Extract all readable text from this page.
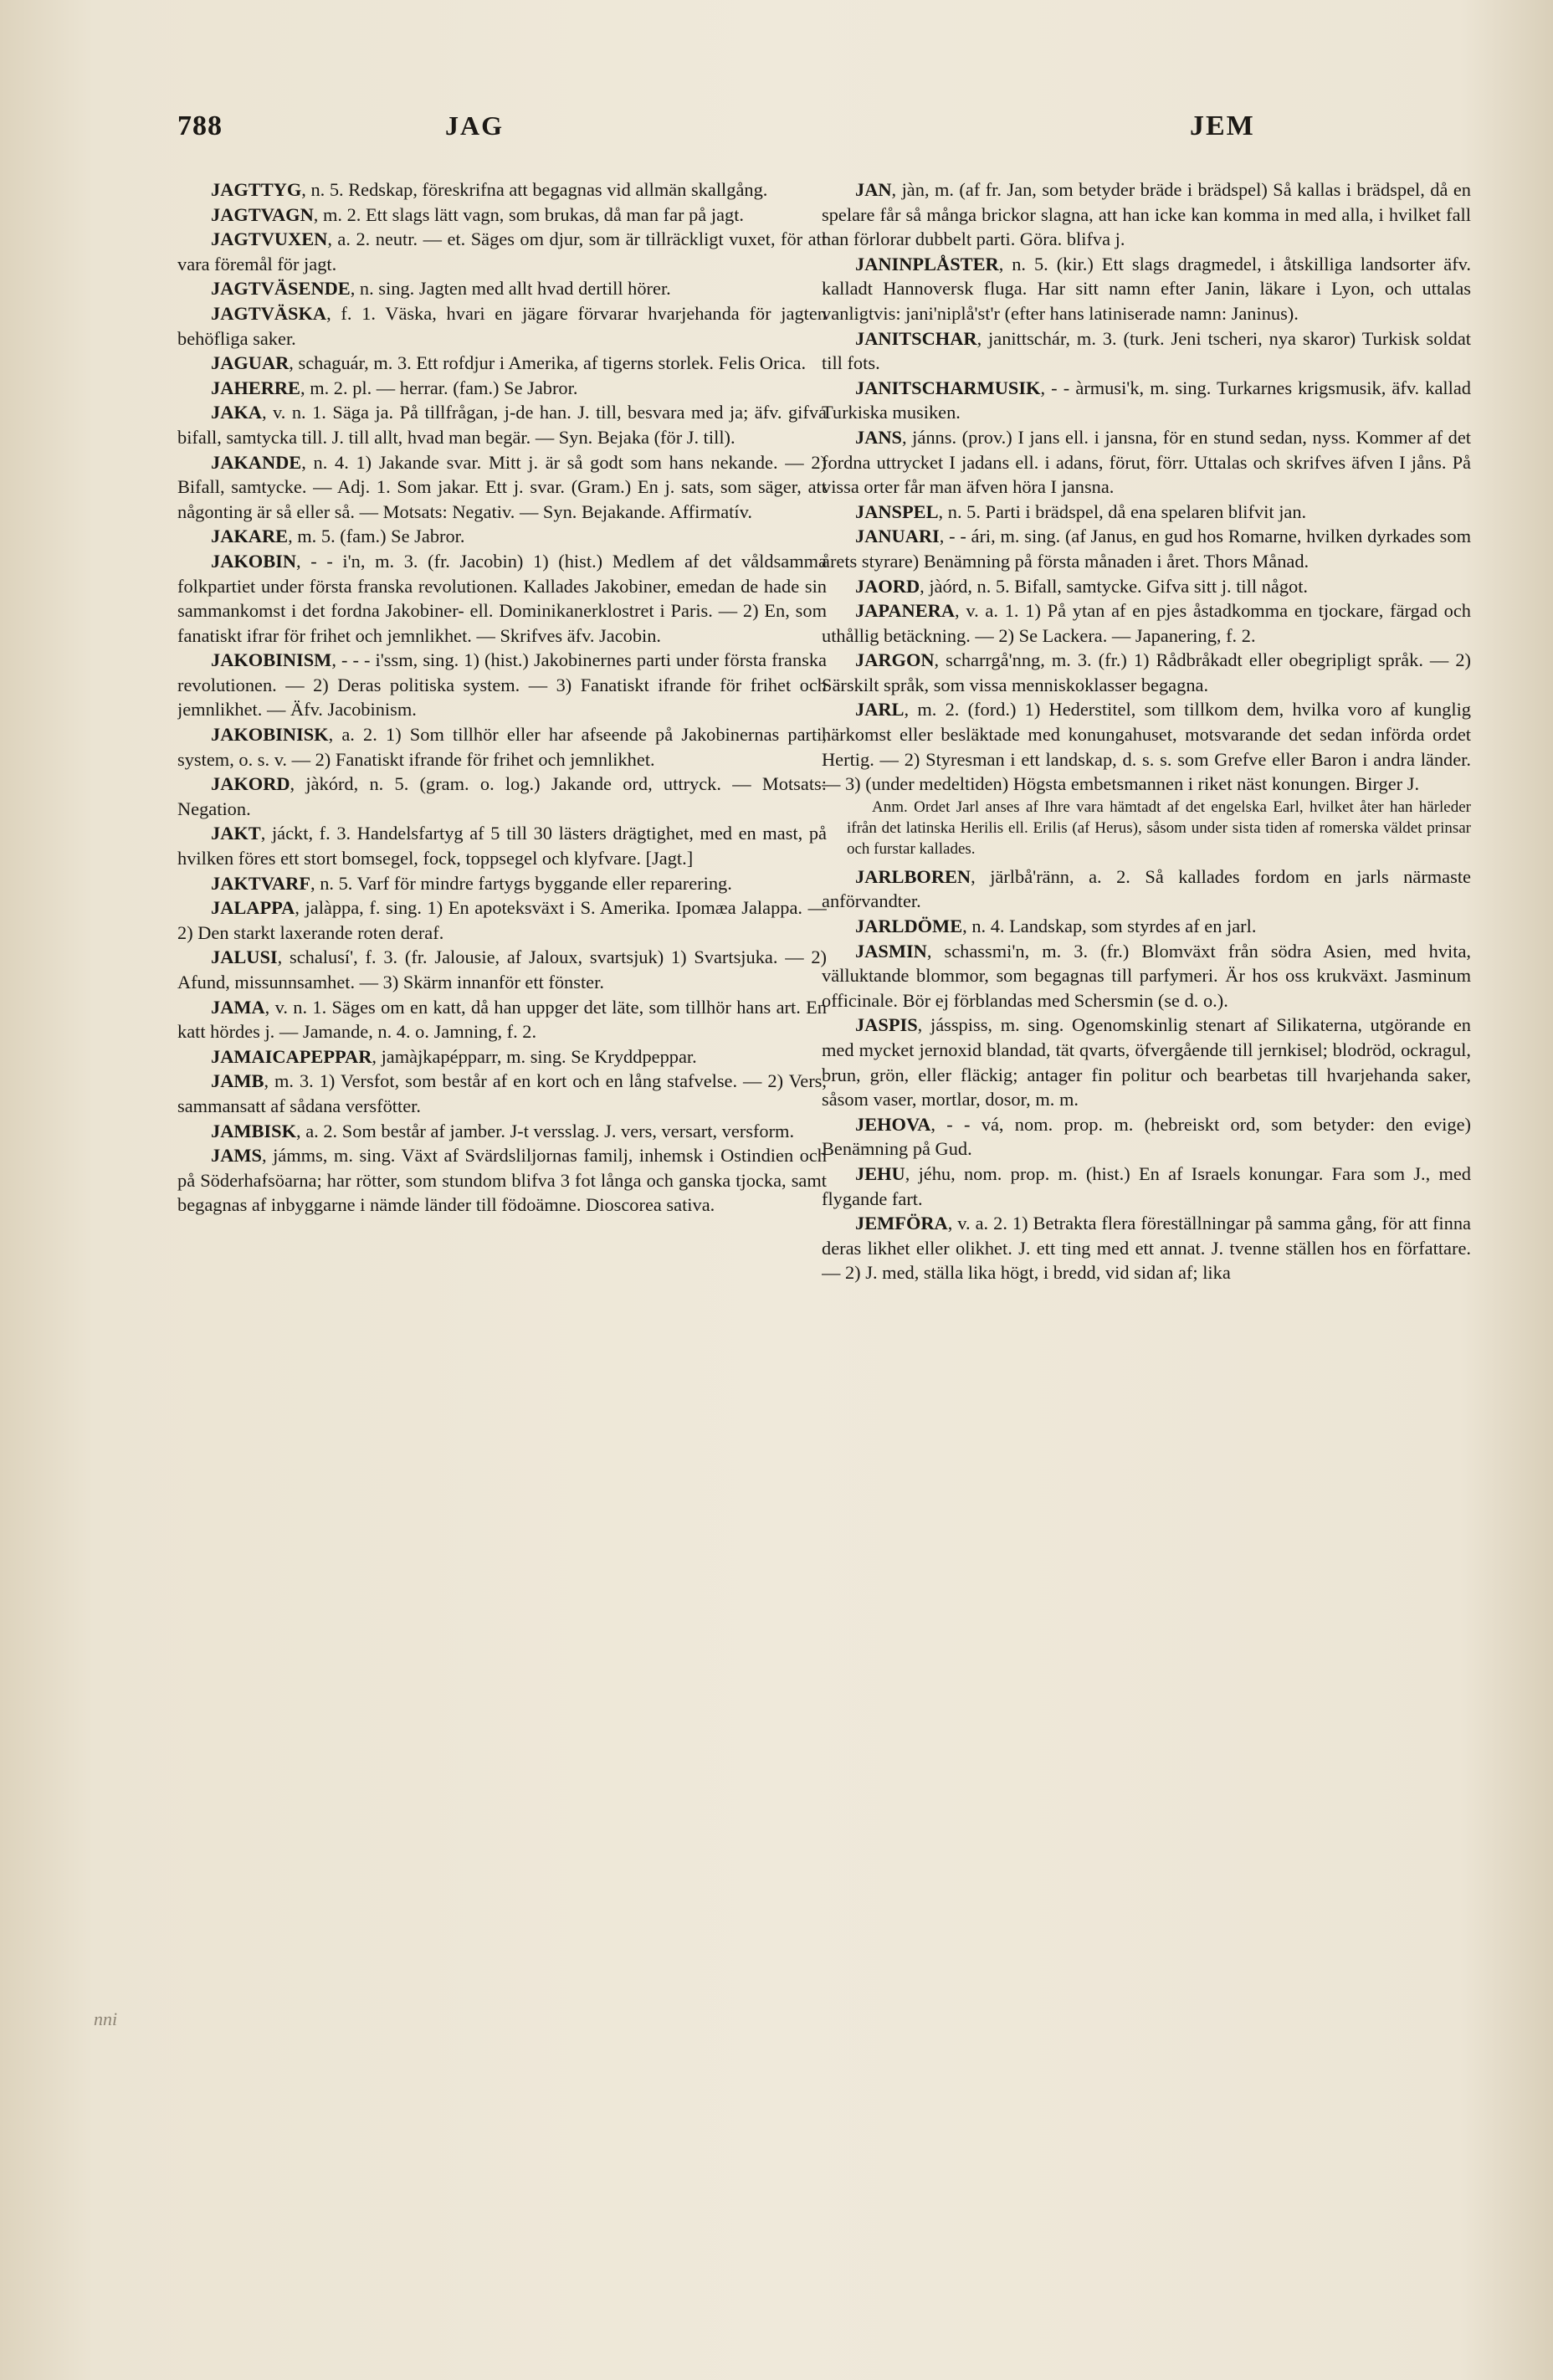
788	JAG	JEM
nni

JAGTTYG, n. 5. Redskap, föreskrifna att begagnas vid allmän skallgång.

JAGTVAGN, m. 2. Ett slags lätt vagn, som brukas, då man far på jagt.

JAGTVUXEN, a. 2. neutr. — et. Säges om djur, som är tillräckligt vuxet, för att vara föremål för jagt.

JAGTVÄSENDE, n. sing. Jagten med allt hvad dertill hörer.

JAGTVÄSKA, f. 1. Väska, hvari en jägare förvarar hvarjehanda för jagten behöfliga saker.

JAGUAR, schaguár, m. 3. Ett rofdjur i Amerika, af tigerns storlek. Felis Orica.

JAHERRE, m. 2. pl. — herrar. (fam.) Se Jabror.

JAKA, v. n. 1. Säga ja. På tillfrågan, j-de han. J. till, besvara med ja; äfv. gifva bifall, samtycka till. J. till allt, hvad man begär. — Syn. Bejaka (för J. till).

JAKANDE, n. 4. 1) Jakande svar. Mitt j. är så godt som hans nekande. — 2) Bifall, samtycke. — Adj. 1. Som jakar. Ett j. svar. (Gram.) En j. sats, som säger, att någonting är så eller så. — Motsats: Negativ. — Syn. Bejakande. Affirmatív.

JAKARE, m. 5. (fam.) Se Jabror.

JAKOBIN, - - i'n, m. 3. (fr. Jacobin) 1) (hist.) Medlem af det våldsamma folkpartiet under första franska revolutionen. Kallades Jakobiner, emedan de hade sin sammankomst i det fordna Jakobiner- ell. Dominikanerklostret i Paris. — 2) En, som fanatiskt ifrar för frihet och jemnlikhet. — Skrifves äfv. Jacobin.

JAKOBINISM, - - - i'ssm, sing. 1) (hist.) Jakobinernes parti under första franska revolutionen. — 2) Deras politiska system. — 3) Fanatiskt ifrande för frihet och jemnlikhet. — Äfv. Jacobinism.

JAKOBINISK, a. 2. 1) Som tillhör eller har afseende på Jakobinernas parti, system, o. s. v. — 2) Fanatiskt ifrande för frihet och jemnlikhet.

JAKORD, jàkórd, n. 5. (gram. o. log.) Jakande ord, uttryck. — Motsats: Negation.

JAKT, jáckt, f. 3. Handelsfartyg af 5 till 30 lästers drägtighet, med en mast, på hvilken föres ett stort bomsegel, fock, toppsegel och klyfvare. [Jagt.]

JAKTVARF, n. 5. Varf för mindre fartygs byggande eller reparering.

JALAPPA, jalàppa, f. sing. 1) En apoteksväxt i S. Amerika. Ipomæa Jalappa. — 2) Den starkt laxerande roten deraf.

JALUSI, schalusí', f. 3. (fr. Jalousie, af Jaloux, svartsjuk) 1) Svartsjuka. — 2) Afund, missunnsamhet. — 3) Skärm innanför ett fönster.

JAMA, v. n. 1. Säges om en katt, då han uppger det läte, som tillhör hans art. En katt hördes j. — Jamande, n. 4. o. Jamning, f. 2.

JAMAICAPEPPAR, jamàjkapépparr, m. sing. Se Kryddpeppar.

JAMB, m. 3. 1) Versfot, som består af en kort och en lång stafvelse. — 2) Vers, sammansatt af sådana versfötter.

JAMBISK, a. 2. Som består af jamber. J-t versslag. J. vers, versart, versform.

JAMS, jámms, m. sing. Växt af Svärdsliljornas familj, inhemsk i Ostindien och på Söderhafsöarna; har rötter, som stundom blifva 3 fot långa och ganska tjocka, samt begagnas af inbyggarne i nämde länder till födoämne. Dioscorea sativa.

JAN, jàn, m. (af fr. Jan, som betyder bräde i brädspel) Så kallas i brädspel, då en spelare får så många brickor slagna, att han icke kan komma in med alla, i hvilket fall han förlorar dubbelt parti. Göra. blifva j.

JANINPLÅSTER, n. 5. (kir.) Ett slags dragmedel, i åtskilliga landsorter äfv. kalladt Hannoversk fluga. Har sitt namn efter Janin, läkare i Lyon, och uttalas vanligtvis: jani'niplå'st'r (efter hans latiniserade namn: Janinus).

JANITSCHAR, janittschár, m. 3. (turk. Jeni tscheri, nya skaror) Turkisk soldat till fots.

JANITSCHARMUSIK, - - àrmusi'k, m. sing. Turkarnes krigsmusik, äfv. kallad Turkiska musiken.

JANS, jánns. (prov.) I jans ell. i jansna, för en stund sedan, nyss. Kommer af det fordna uttrycket I jadans ell. i adans, förut, förr. Uttalas och skrifves äfven I jåns. På vissa orter får man äfven höra I jansna.

JANSPEL, n. 5. Parti i brädspel, då ena spelaren blifvit jan.

JANUARI, - - ári, m. sing. (af Janus, en gud hos Romarne, hvilken dyrkades som årets styrare) Benämning på första månaden i året. Thors Månad.

JAORD, jàórd, n. 5. Bifall, samtycke. Gifva sitt j. till något.

JAPANERA, v. a. 1. 1) På ytan af en pjes åstadkomma en tjockare, färgad och uthållig betäckning. — 2) Se Lackera. — Japanering, f. 2.

JARGON, scharrgå'nng, m. 3. (fr.) 1) Rådbråkadt eller obegripligt språk. — 2) Särskilt språk, som vissa menniskoklasser begagna.

JARL, m. 2. (ford.) 1) Hederstitel, som tillkom dem, hvilka voro af kunglig härkomst eller besläktade med konungahuset, motsvarande det sedan införda ordet Hertig. — 2) Styresman i ett landskap, d. s. s. som Grefve eller Baron i andra länder. — 3) (under medeltiden) Högsta embetsmannen i riket näst konungen. Birger J.

Anm. Ordet Jarl anses af Ihre vara hämtadt af det engelska Earl, hvilket åter han härleder ifrån det latinska Herilis ell. Erilis (af Herus), såsom under sista tiden af romerska väldet prinsar och furstar kallades.

JARLBOREN, järlbå'ränn, a. 2. Så kallades fordom en jarls närmaste anförvandter.

JARLDÖME, n. 4. Landskap, som styrdes af en jarl.

JASMIN, schassmi'n, m. 3. (fr.) Blomväxt från södra Asien, med hvita, välluktande blommor, som begagnas till parfymeri. Är hos oss krukväxt. Jasminum officinale. Bör ej förblandas med Schersmin (se d. o.).

JASPIS, jásspiss, m. sing. Ogenomskinlig stenart af Silikaterna, utgörande en med mycket jernoxid blandad, tät qvarts, öfvergående till jernkisel; blodröd, ockragul, brun, grön, eller fläckig; antager fin politur och bearbetas till hvarjehanda saker, såsom vaser, mortlar, dosor, m. m.

JEHOVA, - - vá, nom. prop. m. (hebreiskt ord, som betyder: den evige) Benämning på Gud.

JEHU, jéhu, nom. prop. m. (hist.) En af Israels konungar. Fara som J., med flygande fart.

JEMFÖRA, v. a. 2. 1) Betrakta flera föreställningar på samma gång, för att finna deras likhet eller olikhet. J. ett ting med ett annat. J. tvenne ställen hos en författare. — 2) J. med, ställa lika högt, i bredd, vid sidan af; lika
